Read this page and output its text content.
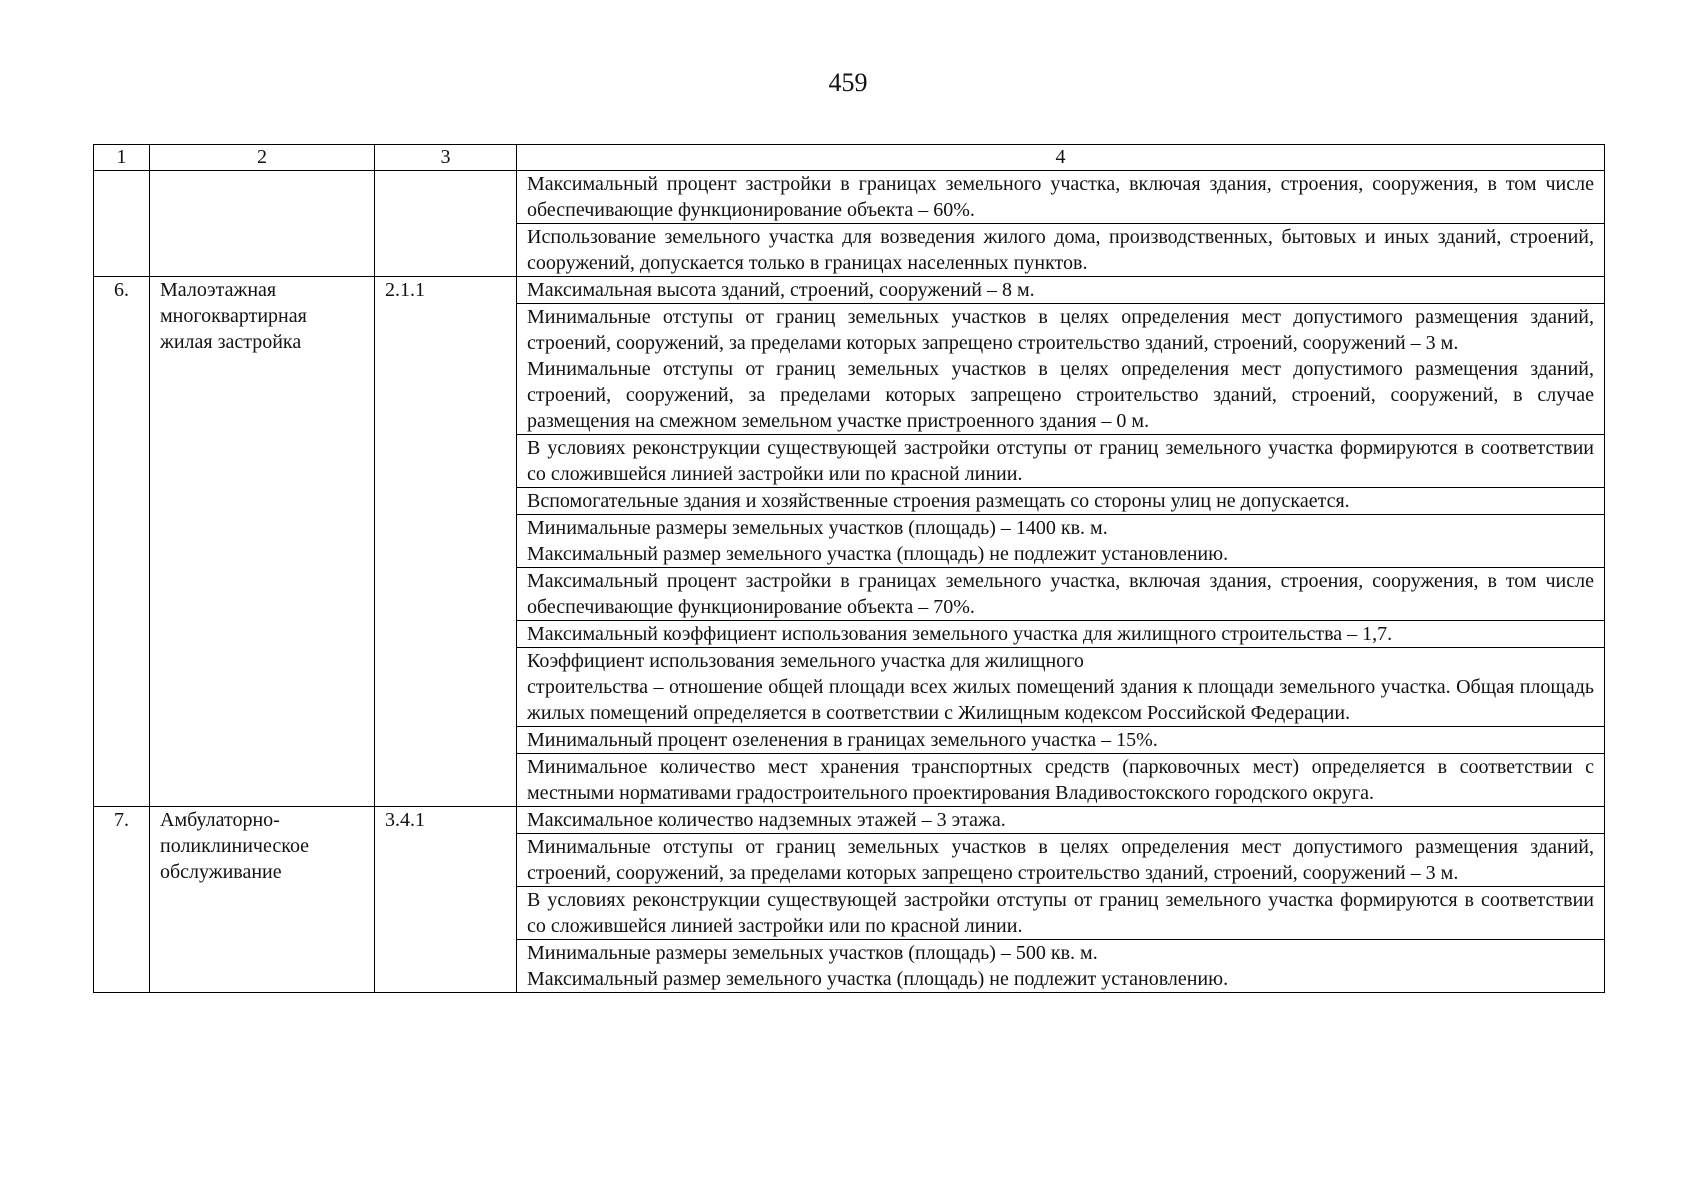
459
1	2	3	4

			Максимальный процент застройки в границах земельного участка, включая здания, строения, сооружения, в том числе обеспечивающие функционирование объекта – 60%.

			Использование земельного участка для возведения жилого дома, производственных, бытовых и иных зданий, строений, сооружений, допускается только в границах населенных пунктов.

6.	Малоэтажная многоквартирная жилая застройка	2.1.1	Максимальная высота зданий, строений, сооружений – 8 м.

			Минимальные отступы от границ земельных участков в целях определения мест допустимого размещения зданий, строений, сооружений, за пределами которых запрещено строительство зданий, строений, сооружений – 3 м.
Минимальные отступы от границ земельных участков в целях определения мест допустимого размещения зданий, строений, сооружений, за пределами которых запрещено строительство зданий, строений, сооружений, в случае размещения на смежном земельном участке пристроенного здания – 0 м.

			В условиях реконструкции существующей застройки отступы от границ земельного участка формируются в соответствии со сложившейся линией застройки или по красной линии.

			Вспомогательные здания и хозяйственные строения размещать со стороны улиц не допускается.

			Минимальные размеры земельных участков (площадь) – 1400 кв. м.
Максимальный размер земельного участка (площадь) не подлежит установлению.

			Максимальный процент застройки в границах земельного участка, включая здания, строения, сооружения, в том числе обеспечивающие функционирование объекта – 70%.

			Максимальный коэффициент использования земельного участка для жилищного строительства – 1,7.

			Коэффициент использования земельного участка для жилищного
строительства – отношение общей площади всех жилых помещений здания к площади земельного участка. Общая площадь жилых помещений определяется в соответствии с Жилищным кодексом Российской Федерации.

			Минимальный процент озеленения в границах земельного участка – 15%.

			Минимальное количество мест хранения транспортных средств (парковочных мест) определяется в соответствии с местными нормативами градостроительного проектирования Владивостокского городского округа.

7.	Амбулаторно-поликлиническое обслуживание	3.4.1	Максимальное количество надземных этажей – 3 этажа.

			Минимальные отступы от границ земельных участков в целях определения мест допустимого размещения зданий, строений, сооружений, за пределами которых запрещено строительство зданий, строений, сооружений – 3 м.

			В условиях реконструкции существующей застройки отступы от границ земельного участка формируются в соответствии со сложившейся линией застройки или по красной линии.

			Минимальные размеры земельных участков (площадь) – 500 кв. м.
Максимальный размер земельного участка (площадь) не подлежит установлению.
